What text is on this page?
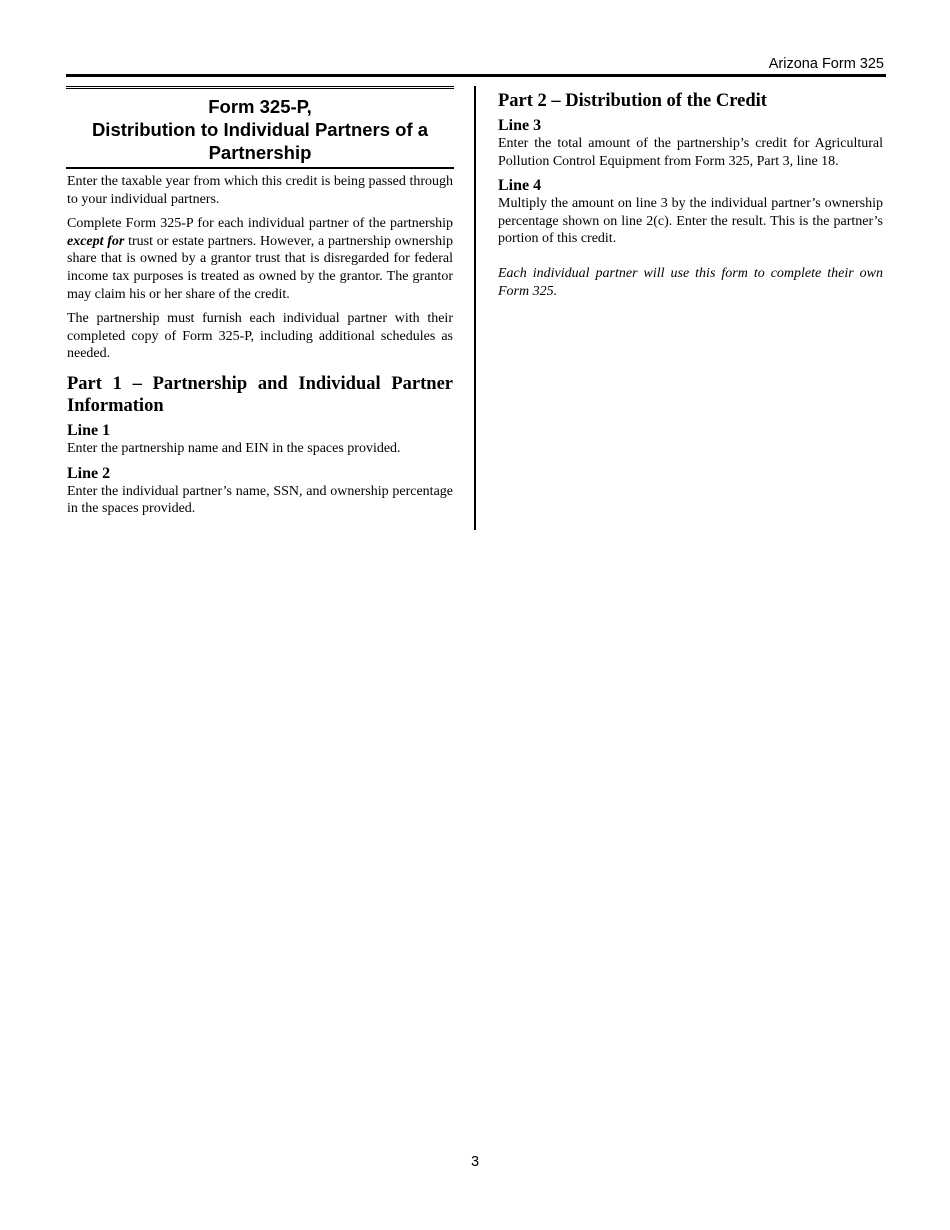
Arizona Form 325
Form 325-P,
Distribution to Individual Partners of a
Partnership

Enter the taxable year from which this credit is being passed through to your individual partners.

Complete Form 325-P for each individual partner of the partnership except for trust or estate partners. However, a partnership ownership share that is owned by a grantor trust that is disregarded for federal income tax purposes is treated as owned by the grantor. The grantor may claim his or her share of the credit.

The partnership must furnish each individual partner with their completed copy of Form 325-P, including additional schedules as needed.

Part 1 – Partnership and Individual Partner Information
Line 1

Enter the partnership name and EIN in the spaces provided.

Line 2

Enter the individual partner’s name, SSN, and ownership percentage in the spaces provided.

Part 2 – Distribution of the Credit
Line 3

Enter the total amount of the partnership’s credit for Agricultural Pollution Control Equipment from Form 325, Part 3, line 18.

Line 4

Multiply the amount on line 3 by the individual partner’s ownership percentage shown on line 2(c). Enter the result. This is the partner’s portion of this credit.

Each individual partner will use this form to complete their own Form 325.

3
